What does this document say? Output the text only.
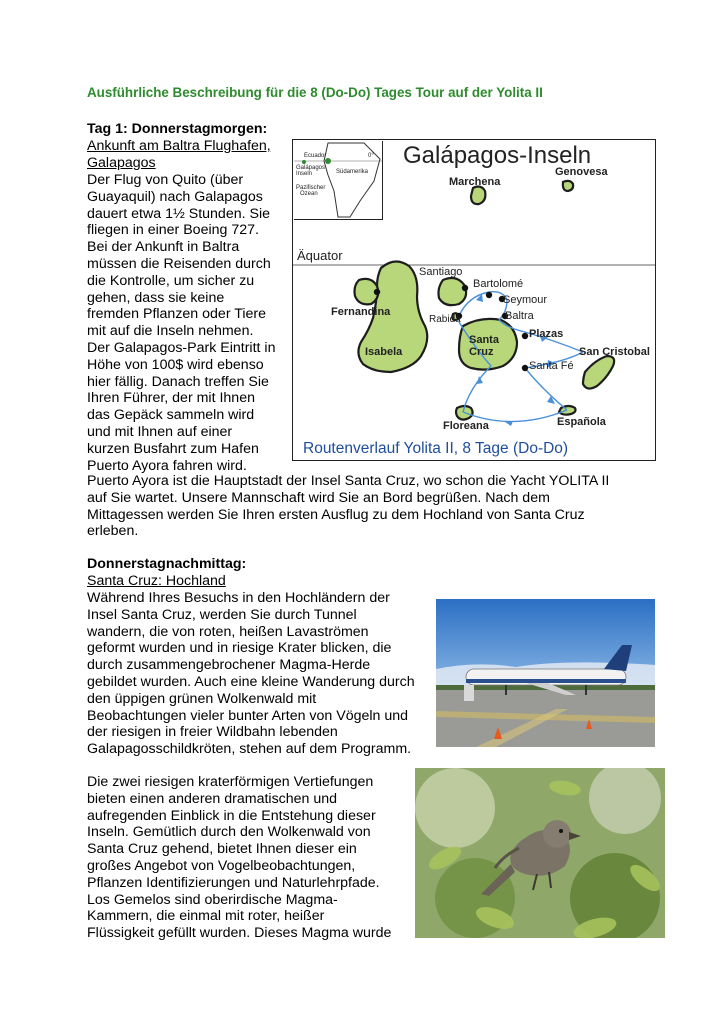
Ausführliche Beschreibung für die 8 (Do-Do) Tages Tour auf der Yolita II
Tag 1: Donnerstagmorgen:
Ankunft am Baltra Flughafen,
Galapagos
Der Flug von Quito (über
Guayaquil) nach Galapagos
dauert etwa 1½ Stunden. Sie
fliegen in einer Boeing 727.
Bei der Ankunft in Baltra
müssen die Reisenden durch
die Kontrolle, um sicher zu
gehen, dass sie keine
fremden Pflanzen oder Tiere
mit auf die Inseln nehmen.
Der Galapagos-Park Eintritt in
Höhe von 100$ wird ebenso
hier fällig. Danach treffen Sie
Ihren Führer, der mit Ihnen
das Gepäck sammeln wird
und mit Ihnen auf einer
kurzen Busfahrt zum Hafen
Puerto Ayora fahren wird.
Puerto Ayora ist die Hauptstadt der Insel Santa Cruz, wo schon die Yacht YOLITA II
auf Sie wartet. Unsere Mannschaft wird Sie an Bord begrüßen. Nach dem
Mittagessen werden Sie Ihren ersten Ausflug zu dem Hochland von Santa Cruz
erleben.
Donnerstagnachmittag:
Santa Cruz: Hochland
Während Ihres Besuchs in den Hochländern der
Insel Santa Cruz, werden Sie durch Tunnel
wandern, die von roten, heißen Lavaströmen
geformt wurden und in riesige Krater blicken, die
durch zusammengebrochener Magma-Herde
gebildet wurden. Auch eine kleine Wanderung durch
den üppigen grünen Wolkenwald mit
Beobachtungen vieler bunter Arten von Vögeln und
der riesigen in freier Wildbahn lebenden
Galapagosschildkröten, stehen auf dem Programm.
Die zwei riesigen kraterförmigen Vertiefungen
bieten einen anderen dramatischen und
aufregenden Einblick in die Entstehung dieser
Inseln. Gemütlich durch den Wolkenwald von
Santa Cruz gehend, bietet Ihnen dieser ein
großes Angebot von Vogelbeobachtungen,
Pflanzen Identifizierungen und Naturlehrpfade.
Los Gemelos sind oberirdische Magma-
Kammern, die einmal mit roter, heißer
Flüssigkeit gefüllt wurden. Dieses Magma wurde
Galápagos-Inseln
Äquator
Marchena
Genovesa
Santiago
Bartolomé
Seymour
Baltra
Rabida
Fernandina
Plazas
Isabela
Santa
Cruz	San Cristobal
Santa Fé
Floreana	Española
Routenverlauf Yolita II, 8 Tage (Do-Do)
Ecuador
Galápagos
Inseln	Südamerika
Pazifischer
Ozean
0°
